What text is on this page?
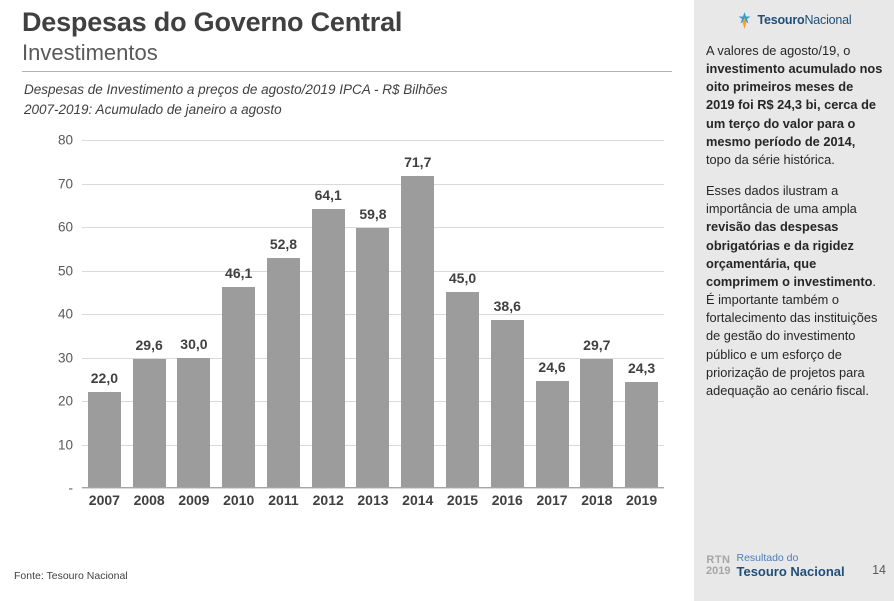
Despesas do Governo Central
Investimentos
Despesas de Investimento a preços de agosto/2019 IPCA - R$ Bilhões
2007-2019: Acumulado de janeiro a agosto
-
10
20
30
40
50
60
70
80
22,0
29,6	30,0
46,1
52,8
64,1
59,8
71,7
45,0
38,6
24,6
29,7
24,3
2007 2008 2009 2010	2011	2012 2013 2014 2015 2016 2017 2018 2019
Fonte: Tesouro Nacional
TesouroNacional

A valores de agosto/19, o investimento acumulado nos oito primeiros meses de 2019 foi R$ 24,3 bi, cerca de um terço do valor para o mesmo período de 2014, topo da série histórica.

Esses dados ilustram a importância de uma ampla revisão das despesas obrigatórias e da rigidez orçamentária, que comprimem o investimento. É importante também o fortalecimento das instituições de gestão do investimento público e um esforço de priorização de projetos para adequação ao cenário fiscal.

RTN
2019
Resultado do
Tesouro Nacional 14
